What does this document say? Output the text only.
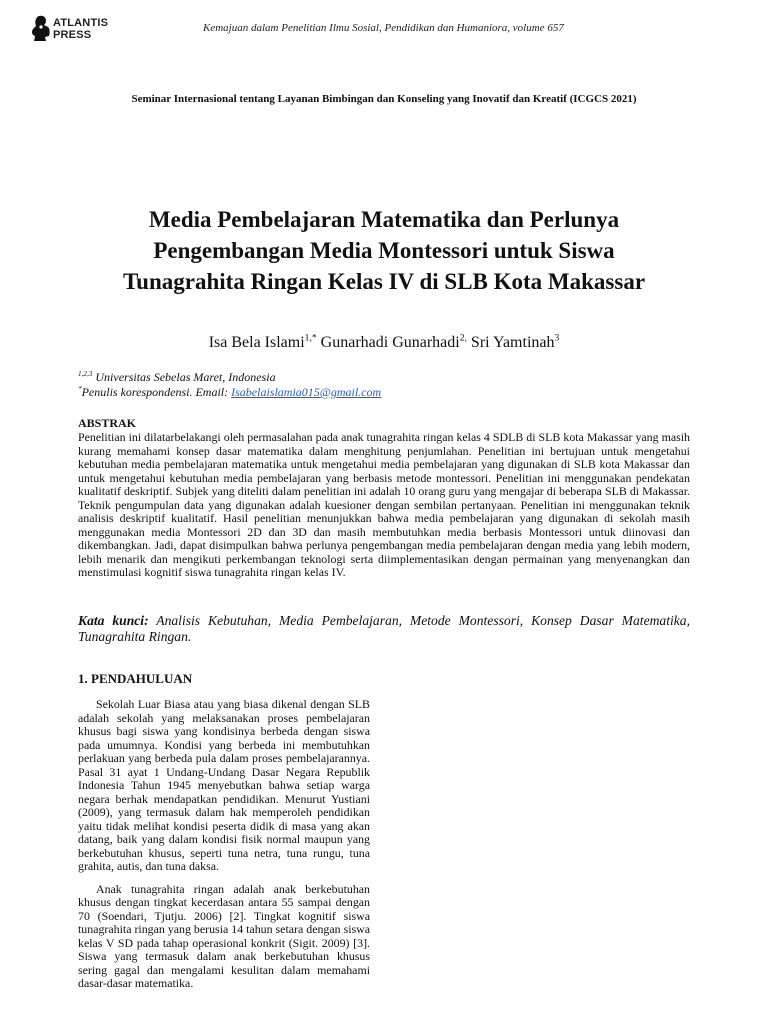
ATLANTIS
PRESS
Kemajuan dalam Penelitian Ilmu Sosial, Pendidikan dan Humaniora, volume 657
Seminar Internasional tentang Layanan Bimbingan dan Konseling yang Inovatif dan Kreatif (ICGCS 2021)
Media Pembelajaran Matematika dan Perlunya Pengembangan Media Montessori untuk Siswa Tunagrahita Ringan Kelas IV di SLB Kota Makassar
Isa Bela Islami$^{1,*}$ Gunarhadi Gunarhadi$^{2,}$ Sri Yamtinah$^3$
$^{1,2,3}$ Universitas Sebelas Maret, Indonesia
*Penulis korespondensi. Email: Isabelaislamia015@gmail.com
ABSTRAK
Penelitian ini dilatarbelakangi oleh permasalahan pada anak tunagrahita ringan kelas 4 SDLB di SLB kota Makassar yang masih kurang memahami konsep dasar matematika dalam menghitung penjumlahan. Penelitian ini bertujuan untuk mengetahui kebutuhan media pembelajaran matematika untuk mengetahui media pembelajaran yang digunakan di SLB kota Makassar dan untuk mengetahui kebutuhan media pembelajaran yang berbasis metode montessori. Penelitian ini menggunakan pendekatan kualitatif deskriptif. Subjek yang diteliti dalam penelitian ini adalah 10 orang guru yang mengajar di beberapa SLB di Makassar. Teknik pengumpulan data yang digunakan adalah kuesioner dengan sembilan pertanyaan. Penelitian ini menggunakan teknik analisis deskriptif kualitatif. Hasil penelitian menunjukkan bahwa media pembelajaran yang digunakan di sekolah masih menggunakan media Montessori 2D dan 3D dan masih membutuhkan media berbasis Montessori untuk diinovasi dan dikembangkan. Jadi, dapat disimpulkan bahwa perlunya pengembangan media pembelajaran dengan media yang lebih modern, lebih menarik dan mengikuti perkembangan teknologi serta diimplementasikan dengan permainan yang menyenangkan dan menstimulasi kognitif siswa tunagrahita ringan kelas IV.
Kata kunci: Analisis Kebutuhan, Media Pembelajaran, Metode Montessori, Konsep Dasar Matematika, Tunagrahita Ringan.
1. PENDAHULUAN

Sekolah Luar Biasa atau yang biasa dikenal dengan SLB adalah sekolah yang melaksanakan proses pembelajaran khusus bagi siswa yang kondisinya berbeda dengan siswa pada umumnya. Kondisi yang berbeda ini membutuhkan perlakuan yang berbeda pula dalam proses pembelajarannya. Pasal 31 ayat 1 Undang-Undang Dasar Negara Republik Indonesia Tahun 1945 menyebutkan bahwa setiap warga negara berhak mendapatkan pendidikan. Menurut Yustiani (2009), yang termasuk dalam hak memperoleh pendidikan yaitu tidak melihat kondisi peserta didik di masa yang akan datang, baik yang dalam kondisi fisik normal maupun yang berkebutuhan khusus, seperti tuna netra, tuna rungu, tuna grahita, autis, dan tuna daksa.

Anak tunagrahita ringan adalah anak berkebutuhan khusus dengan tingkat kecerdasan antara 55 sampai dengan 70 (Soendari, Tjutju. 2006) [2]. Tingkat kognitif siswa tunagrahita ringan yang berusia 14 tahun setara dengan siswa kelas V SD pada tahap operasional konkrit (Sigit. 2009) [3]. Siswa yang termasuk dalam anak berkebutuhan khusus sering gagal dan mengalami kesulitan dalam memahami dasar-dasar matematika.
